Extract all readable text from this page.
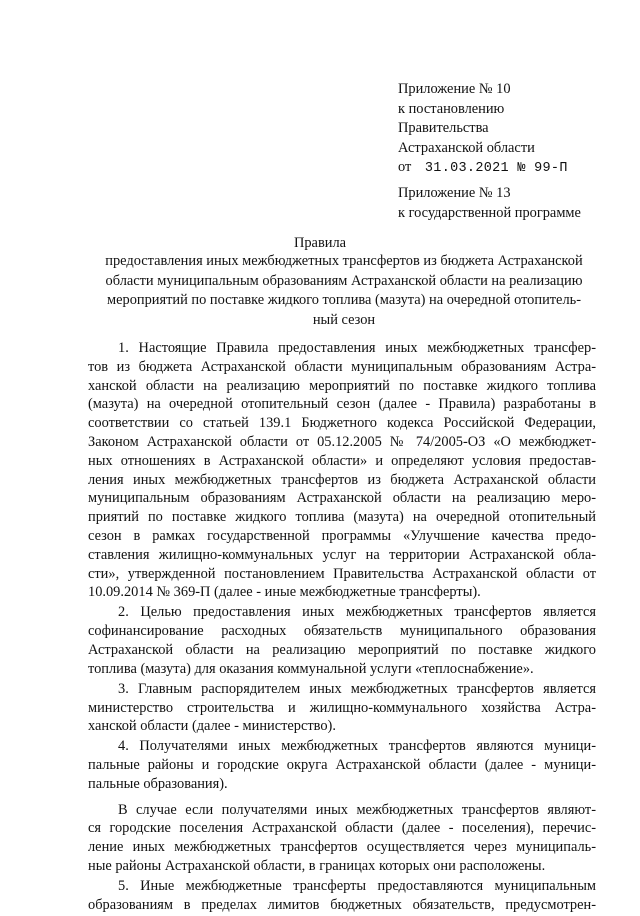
Приложение № 10
к постановлению
Правительства
Астраханской области
от 31.03.2021 № 99-П
Приложение № 13
к государственной программе
Правила
предоставления иных межбюджетных трансфертов из бюджета Астраханской
области муниципальным образованиям Астраханской области на реализацию
мероприятий по поставке жидкого топлива (мазута) на очередной отопитель-
ный сезон
1. Настоящие Правила предоставления иных межбюджетных трансфер-
тов из бюджета Астраханской области муниципальным образованиям Астра-
ханской области на реализацию мероприятий по поставке жидкого топлива
(мазута) на очередной отопительный сезон (далее - Правила) разработаны в
соответствии со статьей 139.1 Бюджетного кодекса Российской Федерации,
Законом Астраханской области от 05.12.2005 № 74/2005-ОЗ «О межбюджет-
ных отношениях в Астраханской области» и определяют условия предостав-
ления иных межбюджетных трансфертов из бюджета Астраханской области
муниципальным образованиям Астраханской области на реализацию меро-
приятий по поставке жидкого топлива (мазута) на очередной отопительный
сезон в рамках государственной программы «Улучшение качества предо-
ставления жилищно-коммунальных услуг на территории Астраханской обла-
сти», утвержденной постановлением Правительства Астраханской области от
10.09.2014 № 369-П (далее - иные межбюджетные трансферты).
2. Целью предоставления иных межбюджетных трансфертов является
софинансирование расходных обязательств муниципального образования
Астраханской области на реализацию мероприятий по поставке жидкого
топлива (мазута) для оказания коммунальной услуги «теплоснабжение».
3. Главным распорядителем иных межбюджетных трансфертов является
министерство строительства и жилищно-коммунального хозяйства Астра-
ханской области (далее - министерство).
4. Получателями иных межбюджетных трансфертов являются муници-
пальные районы и городские округа Астраханской области (далее - муници-
пальные образования).
В случае если получателями иных межбюджетных трансфертов являют-
ся городские поселения Астраханской области (далее - поселения), перечис-
ление иных межбюджетных трансфертов осуществляется через муниципаль-
ные районы Астраханской области, в границах которых они расположены.
5. Иные межбюджетные трансферты предоставляются муниципальным
образованиям в пределах лимитов бюджетных обязательств, предусмотрен-
